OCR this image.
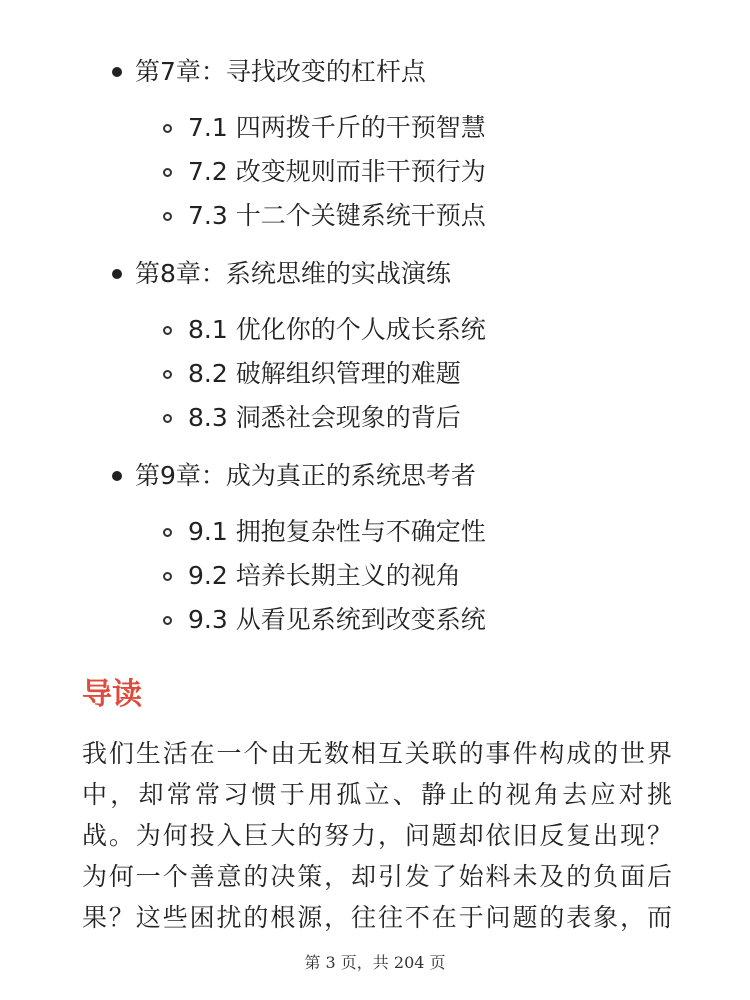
第7章：寻找改变的杠杆点
7.1 四两拨千斤的干预智慧
7.2 改变规则而非干预行为
7.3 十二个关键系统干预点
第8章：系统思维的实战演练
8.1 优化你的个人成长系统
8.2 破解组织管理的难题
8.3 洞悉社会现象的背后
第9章：成为真正的系统思考者
9.1 拥抱复杂性与不确定性
9.2 培养长期主义的视角
9.3 从看见系统到改变系统
导读
我们生活在一个由无数相互关联的事件构成的世界
中，却常常习惯于用孤立、静止的视角去应对挑
战。为何投入巨大的努力，问题却依旧反复出现？
为何一个善意的决策，却引发了始料未及的负面后
果？这些困扰的根源，往往不在于问题的表象，而
第 3 页，共 204 页
